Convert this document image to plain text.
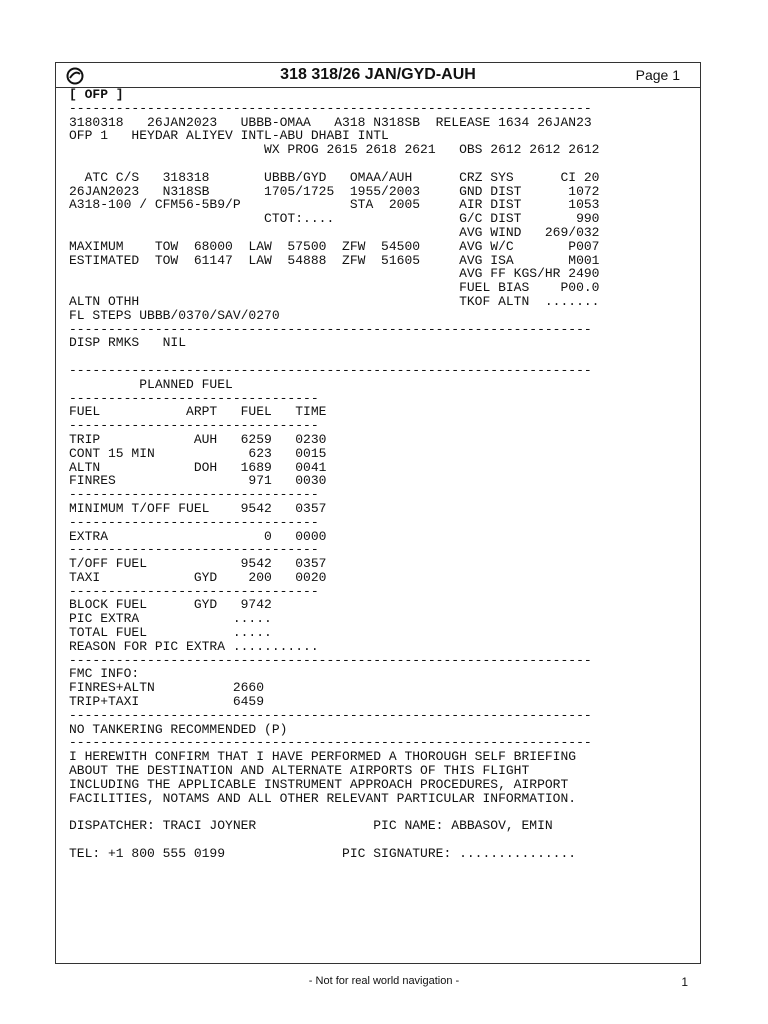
318 318/26 JAN/GYD-AUH	Page 1
[ OFP ]
-------------------------------------------------------------------
3180318   26JAN2023   UBBB-OMAA   A318 N318SB  RELEASE 1634 26JAN23
OFP 1   HEYDAR ALIYEV INTL-ABU DHABI INTL
WX PROG 2615 2618 2621   OBS 2612 2612 2612

ATC C/S   318318       UBBB/GYD   OMAA/AUH      CRZ SYS      CI 20
26JAN2023   N318SB       1705/1725  1955/2003     GND DIST      1072
A318-100 / CFM56-5B9/P              STA  2005     AIR DIST      1053
CTOT:....                G/C DIST       990
AVG WIND   269/032
MAXIMUM    TOW  68000  LAW  57500  ZFW  54500     AVG W/C       P007
ESTIMATED  TOW  61147  LAW  54888  ZFW  51605     AVG ISA       M001
AVG FF KGS/HR 2490
FUEL BIAS    P00.0
ALTN OTHH                                         TKOF ALTN  .......
FL STEPS UBBB/0370/SAV/0270
-------------------------------------------------------------------
DISP RMKS   NIL

-------------------------------------------------------------------
PLANNED FUEL
--------------------------------
FUEL           ARPT   FUEL   TIME
--------------------------------
TRIP            AUH   6259   0230
CONT 15 MIN            623   0015
ALTN            DOH   1689   0041
FINRES                 971   0030
--------------------------------
MINIMUM T/OFF FUEL    9542   0357
--------------------------------
EXTRA                    0   0000
--------------------------------
T/OFF FUEL            9542   0357
TAXI            GYD    200   0020
--------------------------------
BLOCK FUEL      GYD   9742
PIC EXTRA            .....
TOTAL FUEL           .....
REASON FOR PIC EXTRA ...........
-------------------------------------------------------------------
FMC INFO:
FINRES+ALTN          2660
TRIP+TAXI            6459
-------------------------------------------------------------------
NO TANKERING RECOMMENDED (P)
-------------------------------------------------------------------
I HEREWITH CONFIRM THAT I HAVE PERFORMED A THOROUGH SELF BRIEFING
ABOUT THE DESTINATION AND ALTERNATE AIRPORTS OF THIS FLIGHT
INCLUDING THE APPLICABLE INSTRUMENT APPROACH PROCEDURES, AIRPORT
FACILITIES, NOTAMS AND ALL OTHER RELEVANT PARTICULAR INFORMATION.

DISPATCHER: TRACI JOYNER               PIC NAME: ABBASOV, EMIN

TEL: +1 800 555 0199               PIC SIGNATURE: ...............
- Not for real world navigation -	1
